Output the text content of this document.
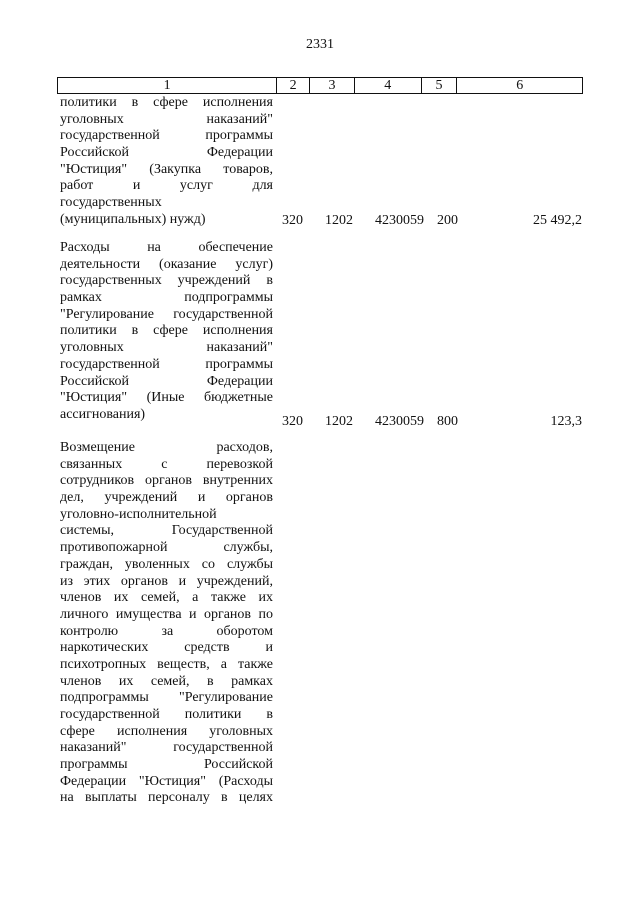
2331
1	2	3	4	5	6
политики в сфере исполнения
уголовных наказаний"
государственной программы
Российской Федерации
"Юстиция" (Закупка товаров,
работ и услуг для
государственных
(муниципальных) нужд)	320 1202 4230059 200	25 492,2
Расходы на обеспечение
деятельности (оказание услуг)
государственных учреждений в
рамках подпрограммы
"Регулирование государственной
политики в сфере исполнения
уголовных наказаний"
государственной программы
Российской Федерации
"Юстиция" (Иные бюджетные
ассигнования)	320 1202 4230059 800	123,3
Возмещение расходов,
связанных с перевозкой
сотрудников органов внутренних
дел, учреждений и органов
уголовно-исполнительной
системы, Государственной
противопожарной службы,
граждан, уволенных со службы
из этих органов и учреждений,
членов их семей, а также их
личного имущества и органов по
контролю за оборотом
наркотических средств и
психотропных веществ, а также
членов их семей, в рамках
подпрограммы "Регулирование
государственной политики в
сфере исполнения уголовных
наказаний" государственной
программы Российской
Федерации "Юстиция" (Расходы
на выплаты персоналу в целях
